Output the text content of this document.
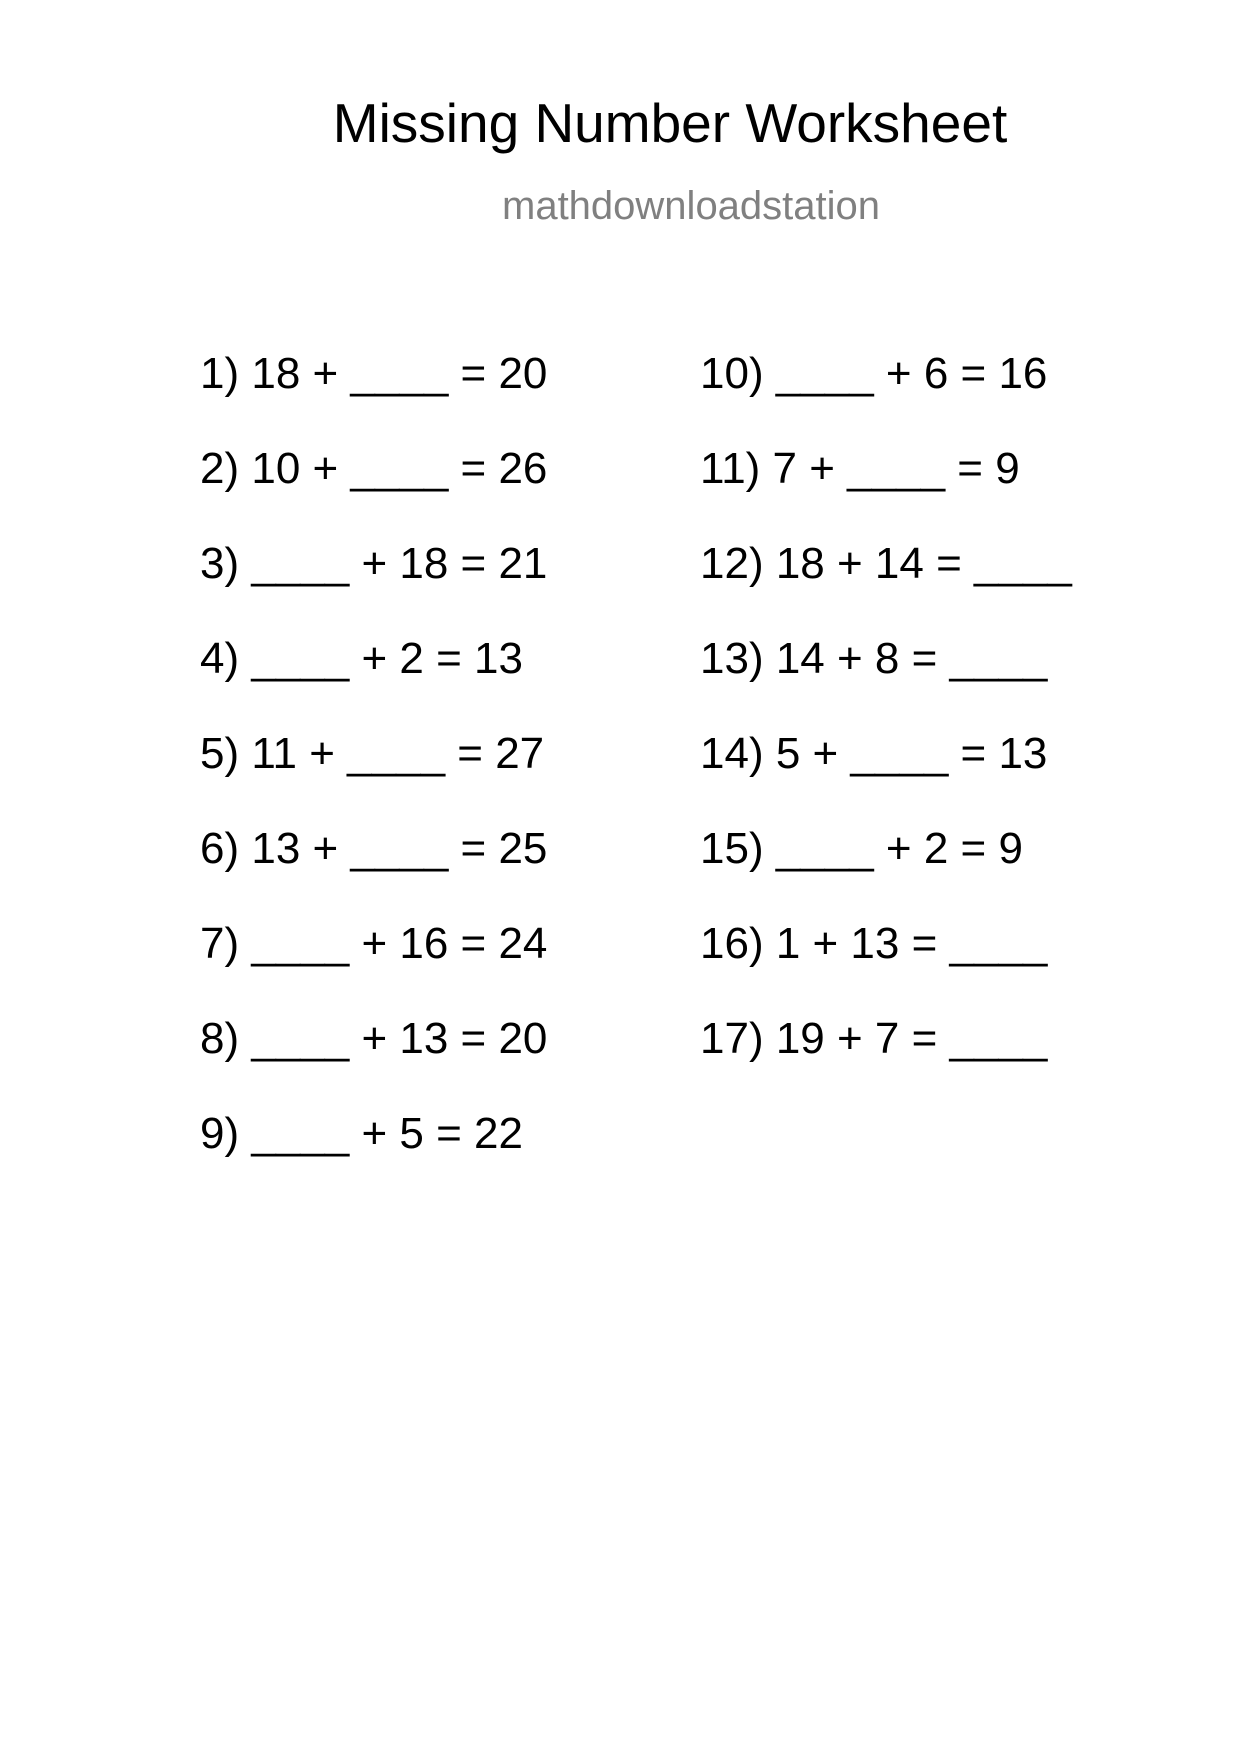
Missing Number Worksheet
mathdownloadstation
1) 18 + ____ = 20
2) 10 + ____ = 26
3) ____ + 18 = 21
4) ____ + 2 = 13
5) 11 + ____ = 27
6) 13 + ____ = 25
7) ____ + 16 = 24
8) ____ + 13 = 20
9) ____ + 5 = 22
10) ____ + 6 = 16
11) 7 + ____ = 9
12) 18 + 14 = ____
13) 14 + 8 = ____
14) 5 + ____ = 13
15) ____ + 2 = 9
16) 1 + 13 = ____
17) 19 + 7 = ____
